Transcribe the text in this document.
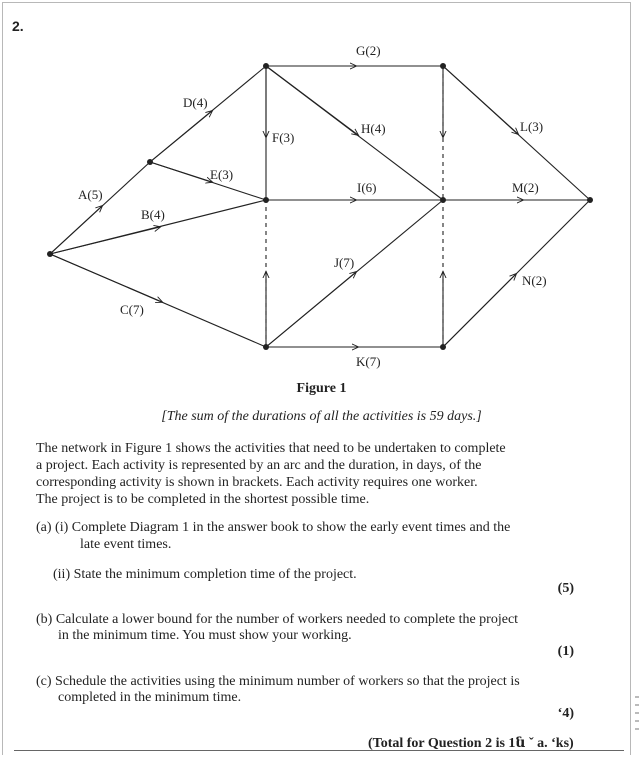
2.
A(5)
B(4)
C(7)
D(4)
E(3)
F(3)
G(2)
H(4)
I(6)
J(7)
K(7)
L(3)
M(2)
N(2)
Figure 1
[The sum of the durations of all the activities is 59 days.]
The network in Figure 1 shows the activities that need to be undertaken to complete
a project. Each activity is represented by an arc and the duration, in days, of the
corresponding activity is shown in brackets. Each activity requires one worker.
The project is to be completed in the shortest possible time.
(a) (i) Complete Diagram 1 in the answer book to show the early event times and the
late event times.
(ii) State the minimum completion time of the project.
(5)
(b) Calculate a lower bound for the number of workers needed to complete the project
in the minimum time. You must show your working.
(1)
(c) Schedule the activities using the minimum number of workers so that the project is
completed in the minimum time.
‘4)
(Total for Question 2 is 1ն ˇ ﻿a. ‘ks)
